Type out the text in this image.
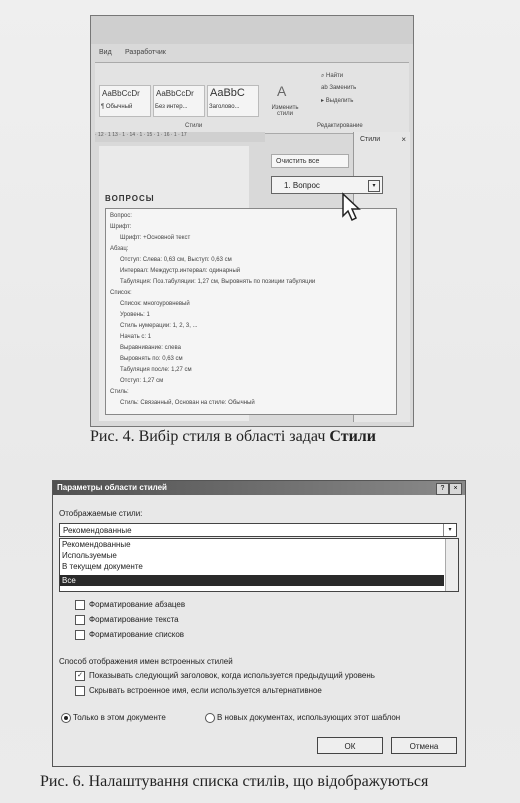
Вид Разработчик
AaBbCcDr
¶ Обычный
AaBbCcDr
Без интер...
AaBbC
Заголово...
A
Изменить стили
⌕ Найти
ab Заменить
▸ Выделить
Стили	Редактирование
· 12 · 1 13 · 1 · 14 · 1 · 15 · 1 · 16 · 1 · 17
ВОПРОСЫ
Стили	×
Очистить все
1. Вопрос	▾
Вопрос:
Шрифт:
Шрифт: +Основной текст
Абзац:
Отступ: Слева: 0,63 см, Выступ: 0,63 см
Интервал: Междустр.интервал: одинарный
Табуляция: Поз.табуляции: 1,27 см, Выровнять по позиции табуляции
Список:
Список: многоуровневый
Уровень: 1
Стиль нумерации: 1, 2, 3, ...
Начать с: 1
Выравнивание: слева
Выровнять по: 0,63 см
Табуляция после: 1,27 см
Отступ: 1,27 см
Стиль:
Стиль: Связанный, Основан на стиле: Обычный
Рис. 4. Вибір стиля в області задач Стили
Параметры области стилей	?	×
Отображаемые стили:
Рекомендованные	▾
Рекомендованные
Используемые
В текущем документе
Все
Форматирование абзацев
Форматирование текста
Форматирование списков
Способ отображения имен встроенных стилей
✓ Показывать следующий заголовок, когда используется предыдущий уровень
Скрывать встроенное имя, если используется альтернативное
Только в этом документе	В новых документах, использующих этот шаблон
ОК	Отмена
Рис. 6. Налаштування списка стилів, що відображуються
